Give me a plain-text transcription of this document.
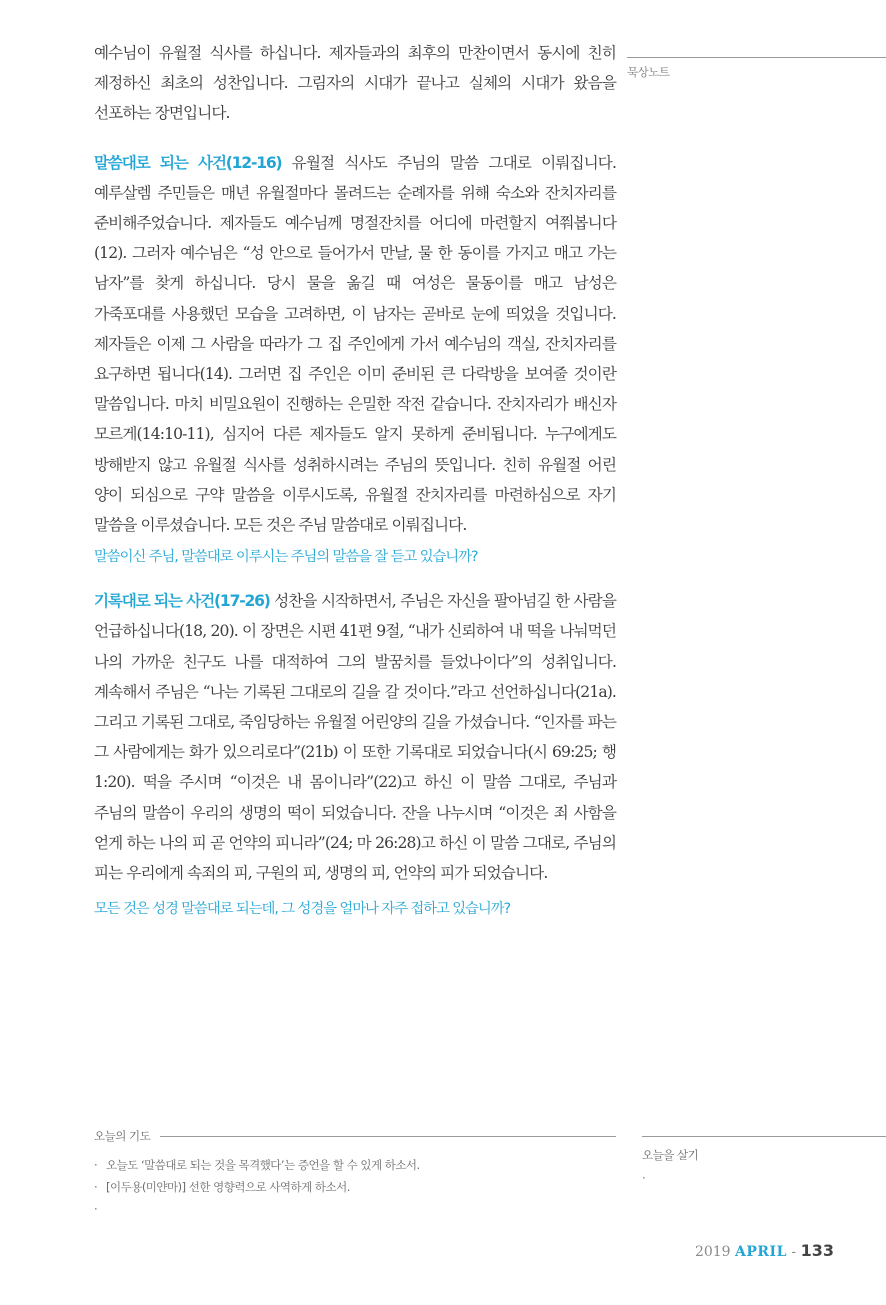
예수님이 유월절 식사를 하십니다. 제자들과의 최후의 만찬이면서 동시에 친히 제정하신 최초의 성찬입니다. 그림자의 시대가 끝나고 실체의 시대가 왔음을 선포하는 장면입니다.

말씀대로 되는 사건(12-16) 유월절 식사도 주님의 말씀 그대로 이뤄집니다. 예루살렘 주민들은 매년 유월절마다 몰려드는 순례자를 위해 숙소와 잔치자리를 준비해주었습니다. 제자들도 예수님께 명절잔치를 어디에 마련할지 여쭤봅니다(12). 그러자 예수님은 “성 안으로 들어가서 만날, 물 한 동이를 가지고 매고 가는 남자”를 찾게 하십니다. 당시 물을 옮길 때 여성은 물동이를 매고 남성은 가죽포대를 사용했던 모습을 고려하면, 이 남자는 곧바로 눈에 띄었을 것입니다. 제자들은 이제 그 사람을 따라가 그 집 주인에게 가서 예수님의 객실, 잔치자리를 요구하면 됩니다(14). 그러면 집 주인은 이미 준비된 큰 다락방을 보여줄 것이란 말씀입니다. 마치 비밀요원이 진행하는 은밀한 작전 같습니다. 잔치자리가 배신자 모르게(14:10-11), 심지어 다른 제자들도 알지 못하게 준비됩니다. 누구에게도 방해받지 않고 유월절 식사를 성취하시려는 주님의 뜻입니다. 친히 유월절 어린 양이 되심으로 구약 말씀을 이루시도록, 유월절 잔치자리를 마련하심으로 자기 말씀을 이루셨습니다. 모든 것은 주님 말씀대로 이뤄집니다.

말씀이신 주님, 말씀대로 이루시는 주님의 말씀을 잘 듣고 있습니까?

기록대로 되는 사건(17-26) 성찬을 시작하면서, 주님은 자신을 팔아넘길 한 사람을 언급하십니다(18, 20). 이 장면은 시편 41편 9절, “내가 신뢰하여 내 떡을 나눠먹던 나의 가까운 친구도 나를 대적하여 그의 발꿈치를 들었나이다”의 성취입니다. 계속해서 주님은 “나는 기록된 그대로의 길을 갈 것이다.”라고 선언하십니다(21a). 그리고 기록된 그대로, 죽임당하는 유월절 어린양의 길을 가셨습니다. “인자를 파는 그 사람에게는 화가 있으리로다”(21b) 이 또한 기록대로 되었습니다(시 69:25; 행 1:20). 떡을 주시며 “이것은 내 몸이니라”(22)고 하신 이 말씀 그대로, 주님과 주님의 말씀이 우리의 생명의 떡이 되었습니다. 잔을 나누시며 “이것은 죄 사함을 얻게 하는 나의 피 곧 언약의 피니라”(24; 마 26:28)고 하신 이 말씀 그대로, 주님의 피는 우리에게 속죄의 피, 구원의 피, 생명의 피, 언약의 피가 되었습니다.

모든 것은 성경 말씀대로 되는데, 그 성경을 얼마나 자주 접하고 있습니까?

묵상노트
오늘의 기도
· 오늘도 ‘말씀대로 되는 것을 목격했다’는 증언을 할 수 있게 하소서.
· [이두용(미얀마)] 선한 영향력으로 사역하게 하소서.
·
오늘을 살기
·
2019 APRIL - 133
